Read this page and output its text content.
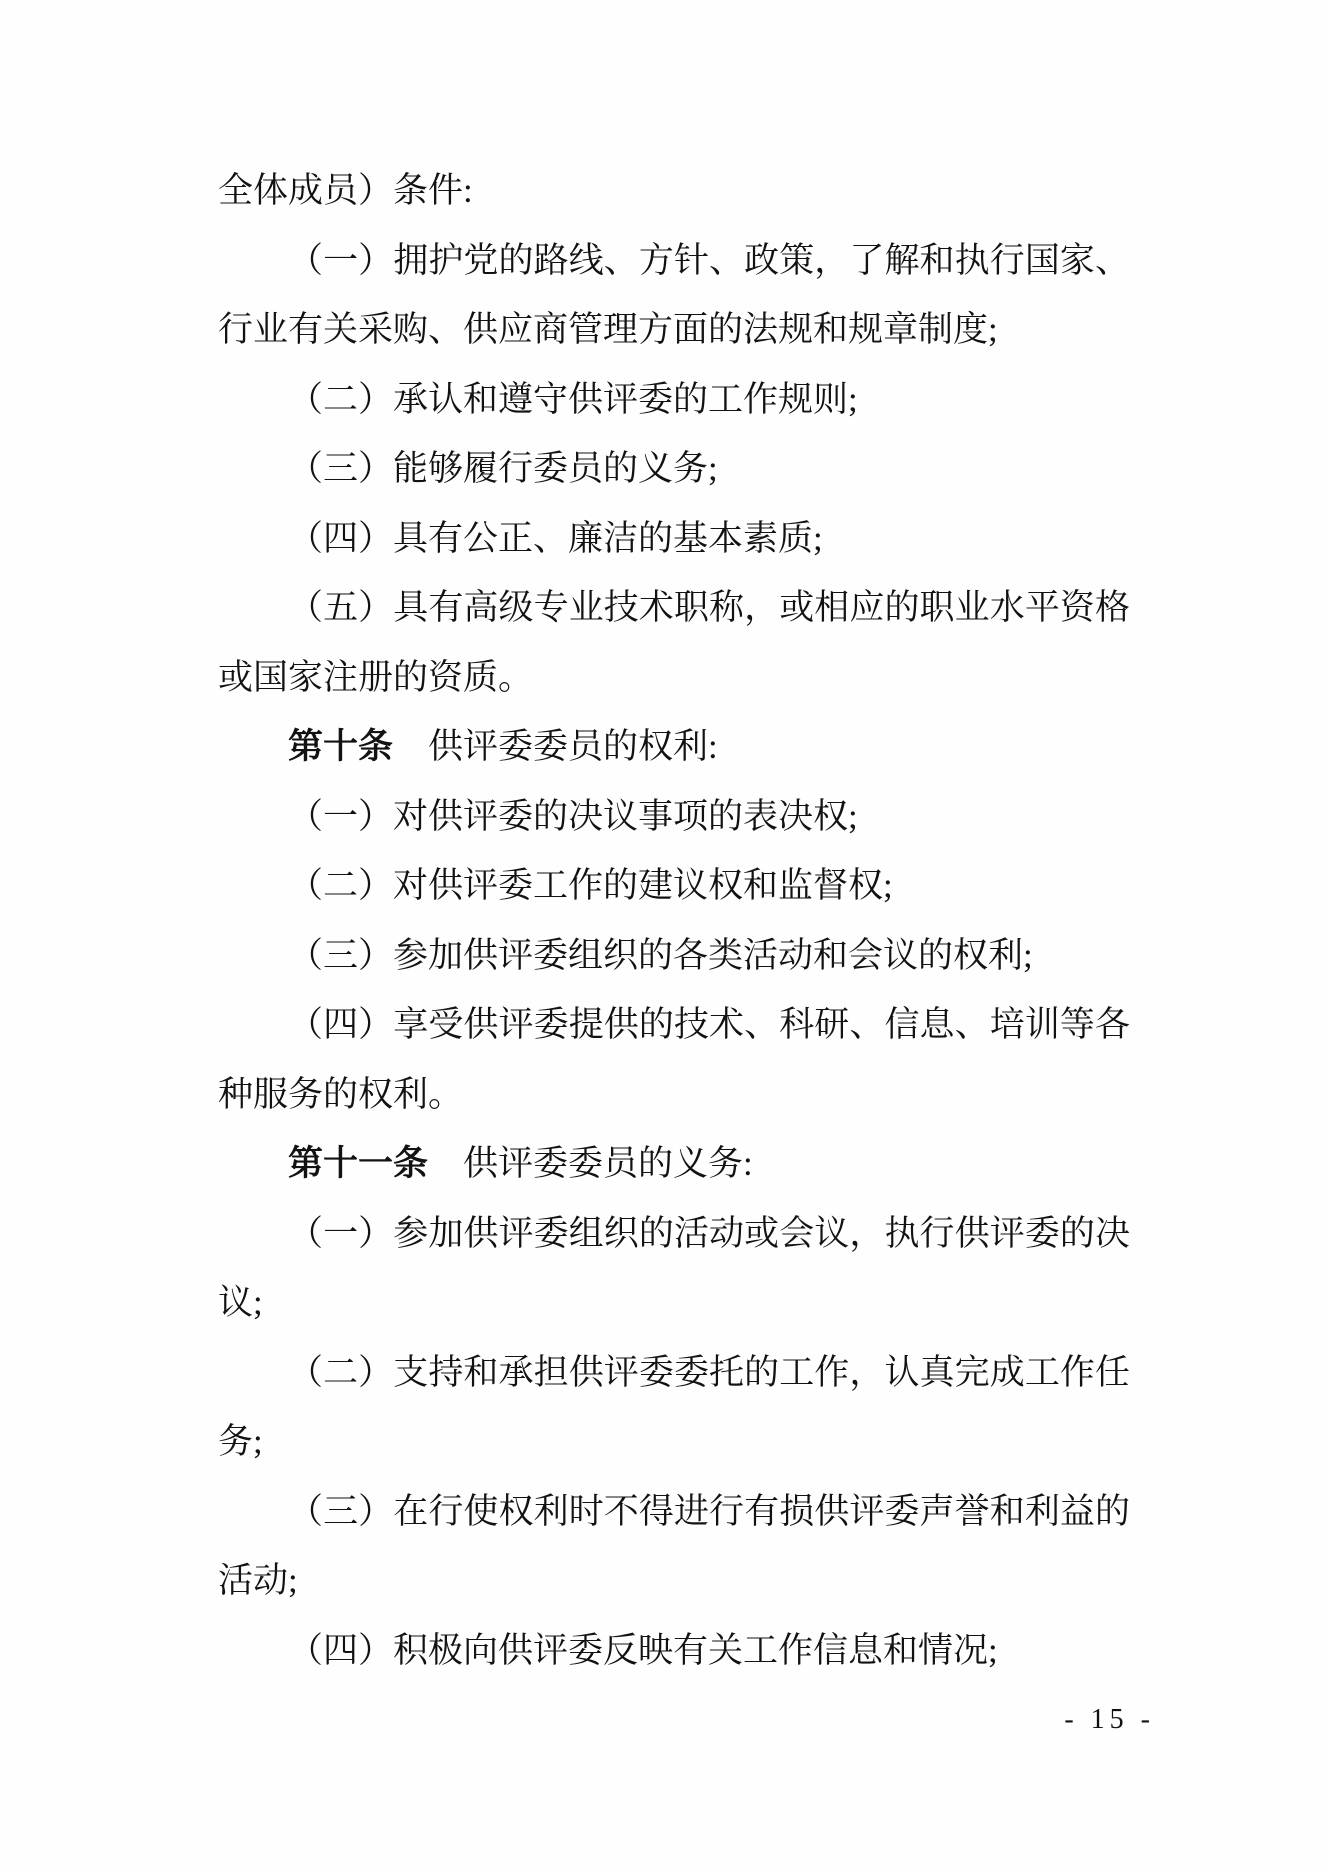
全体成员）条件:

（一）拥护党的路线、方针、政策，了解和执行国家、行业有关采购、供应商管理方面的法规和规章制度;

（二）承认和遵守供评委的工作规则;

（三）能够履行委员的义务;

（四）具有公正、廉洁的基本素质;

（五）具有高级专业技术职称，或相应的职业水平资格或国家注册的资质。

第十条 供评委委员的权利:

（一）对供评委的决议事项的表决权;

（二）对供评委工作的建议权和监督权;

（三）参加供评委组织的各类活动和会议的权利;

（四）享受供评委提供的技术、科研、信息、培训等各种服务的权利。

第十一条 供评委委员的义务:

（一）参加供评委组织的活动或会议，执行供评委的决议;

（二）支持和承担供评委委托的工作，认真完成工作任务;

（三）在行使权利时不得进行有损供评委声誉和利益的活动;

（四）积极向供评委反映有关工作信息和情况;

- 15 -
